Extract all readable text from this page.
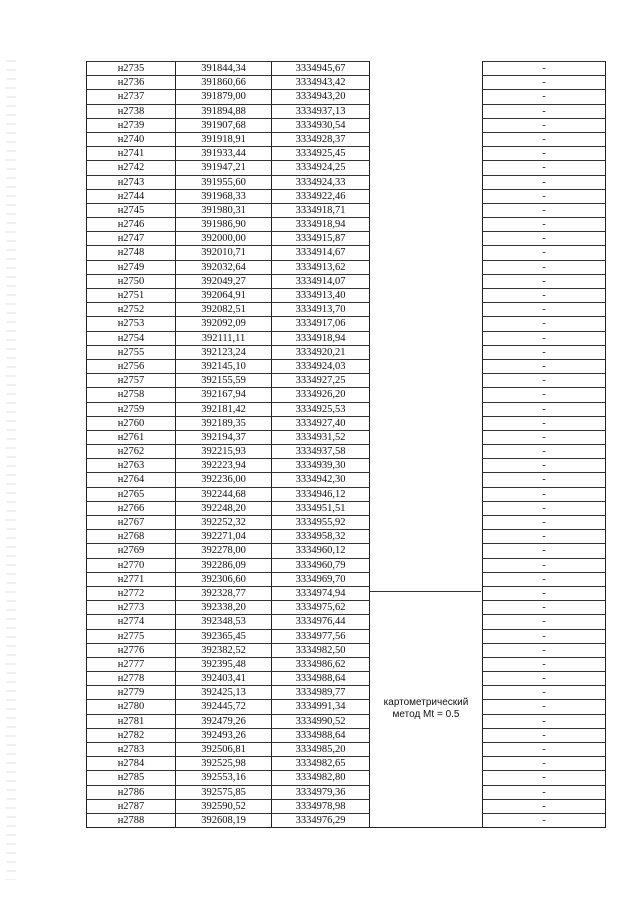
н2735	391844,34	3334945,67	-
н2736	391860,66	3334943,42	-
н2737	391879,00	3334943,20	-
н2738	391894,88	3334937,13	-
н2739	391907,68	3334930,54	-
н2740	391918,91	3334928,37	-
н2741	391933,44	3334925,45	-
н2742	391947,21	3334924,25	-
н2743	391955,60	3334924,33	-
н2744	391968,33	3334922,46	-
н2745	391980,31	3334918,71	-
н2746	391986,90	3334918,94	-
н2747	392000,00	3334915,87	-
н2748	392010,71	3334914,67	-
н2749	392032,64	3334913,62	-
н2750	392049,27	3334914,07	-
н2751	392064,91	3334913,40	-
н2752	392082,51	3334913,70	-
н2753	392092,09	3334917,06	-
н2754	392111,11	3334918,94	-
н2755	392123,24	3334920,21	-
н2756	392145,10	3334924,03	-
н2757	392155,59	3334927,25	-
н2758	392167,94	3334926,20	-
н2759	392181,42	3334925,53	-
н2760	392189,35	3334927,40	-
н2761	392194,37	3334931,52	-
н2762	392215,93	3334937,58	-
н2763	392223,94	3334939,30	-
н2764	392236,00	3334942,30	-
н2765	392244,68	3334946,12	-
н2766	392248,20	3334951,51	-
н2767	392252,32	3334955,92	-
н2768	392271,04	3334958,32	-
н2769	392278,00	3334960,12	-
н2770	392286,09	3334960,79	-
н2771	392306,60	3334969,70	-
н2772	392328,77	3334974,94	-
н2773	392338,20	3334975,62	-
н2774	392348,53	3334976,44	-
н2775	392365,45	3334977,56	-
н2776	392382,52	3334982,50	-
н2777	392395,48	3334986,62	-
н2778	392403,41	3334988,64	-
н2779	392425,13	3334989,77	-
н2780	392445,72	3334991,34	-
н2781	392479,26	3334990,52	-
н2782	392493,26	3334988,64	-
н2783	392506,81	3334985,20	-
н2784	392525,98	3334982,65	-
н2785	392553,16	3334982,80	-
н2786	392575,85	3334979,36	-
н2787	392590,52	3334978,98	-
н2788	392608,19	3334976,29	-
картометрический
метод Mt = 0.5
